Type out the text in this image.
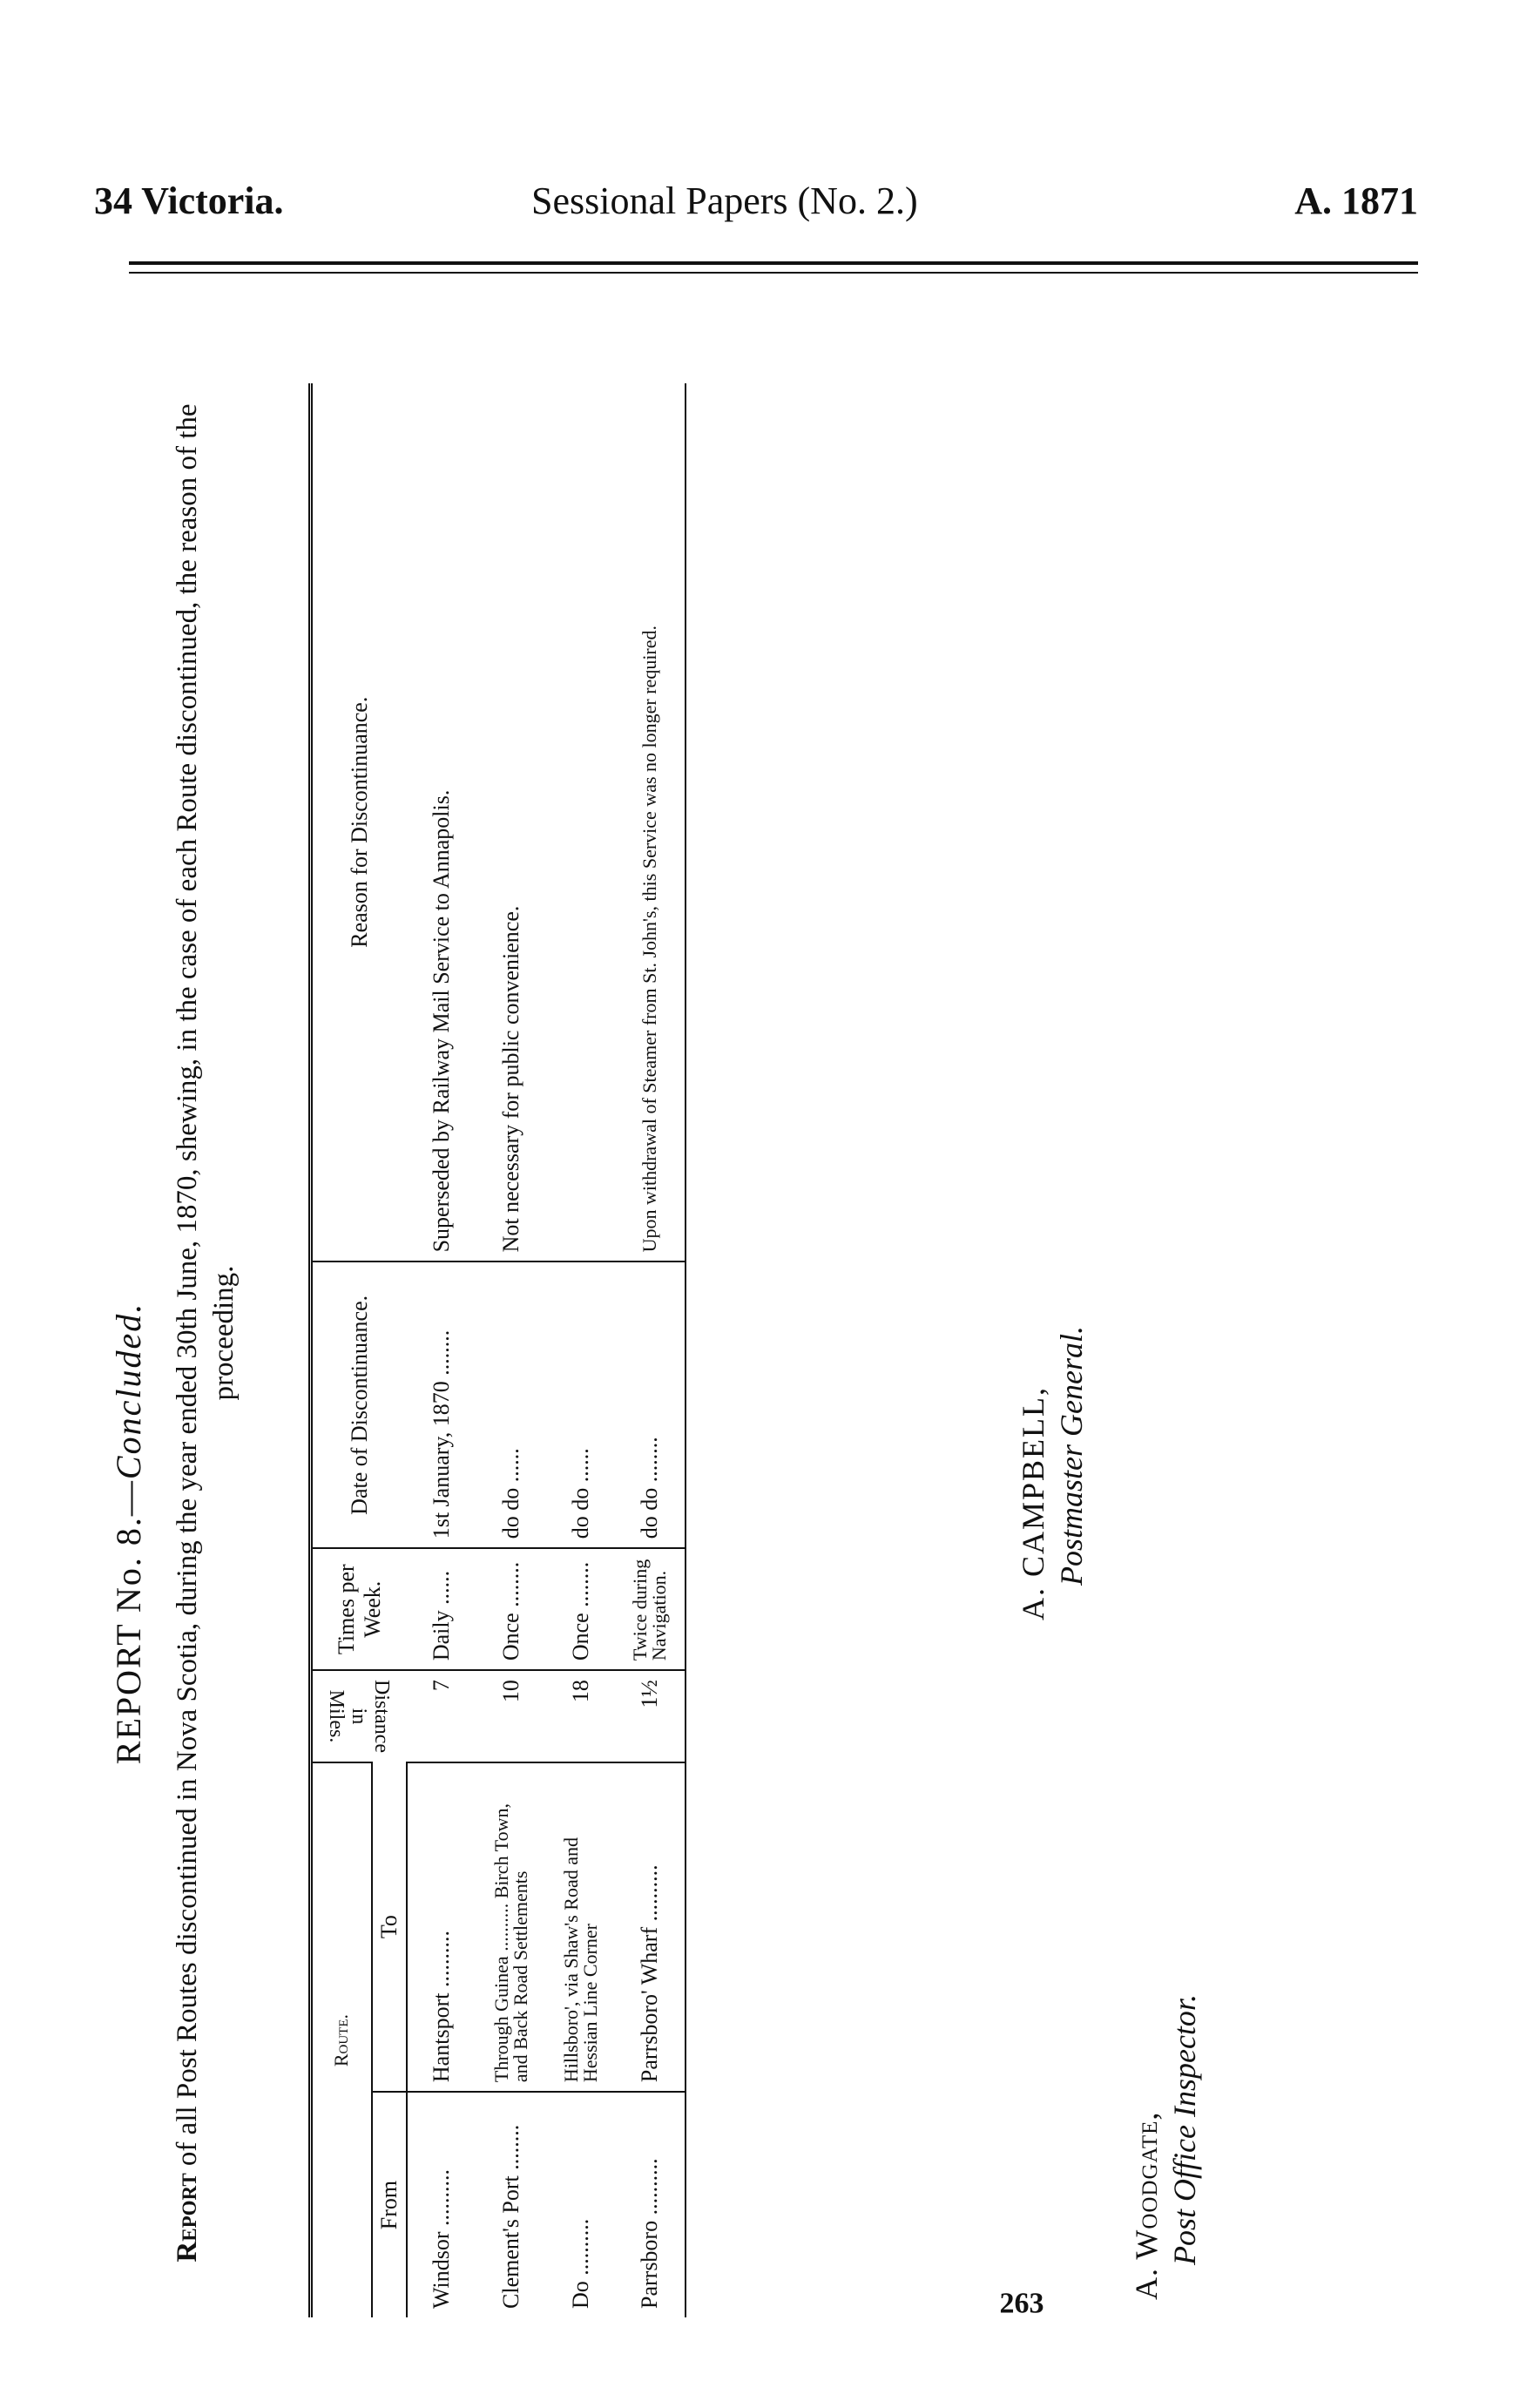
34 Victoria.	Sessional Papers (No. 2.)	A. 1871
REPORT No. 8.—Concluded.
Report of all Post Routes discontinued in Nova Scotia, during the year ended 30th June, 1870, shewing, in the case of each Route discontinued, the reason of the proceeding.
Route.		Distance in Miles.	Times per Week.	Date of Discontinuance.	Reason for Discontinuance.
From	To				
Windsor ..........	Hantsport ..........	7	Daily ......	1st January, 1870 ........	Superseded by Railway Mail Service to Annapolis.
Clement's Port ........	Through Guinea .......... Birch Town, and Back Road Settlements	10	Once ........	do do ......	Not necessary for public convenience.
Do ..........	Hillsboro', via Shaw's Road and Hessian Line Corner	18	Once ........	do do ......	
Parrsboro ..........	Parrsboro' Wharf ..........	1½	Twice during Navigation.	do do ........	Upon withdrawal of Steamer from St. John's, this Service was no longer required.
A. CAMPBELL, Postmaster General.
A. Woodgate, Post Office Inspector.
263
